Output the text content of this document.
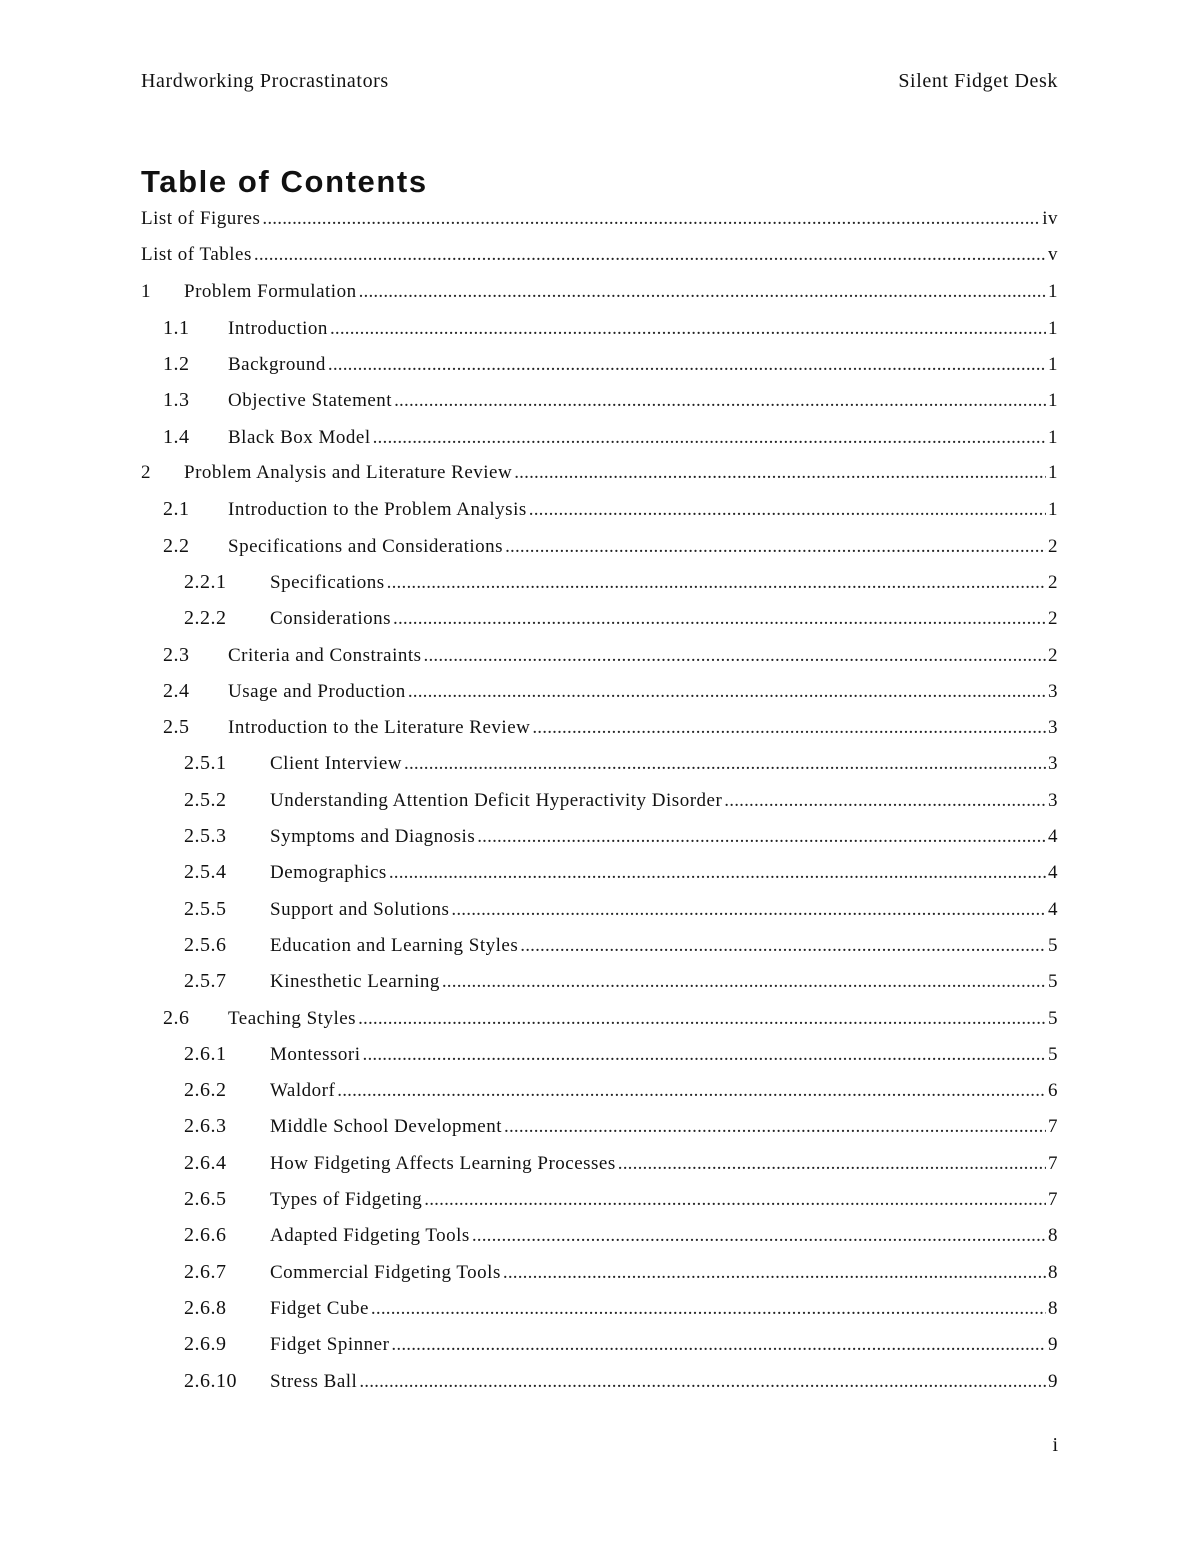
Hardworking Procrastinators	Silent Fidget Desk
Table of Contents
List of Figures .....	iv
List of Tables .....	v
1	Problem Formulation .....	1
1.1	Introduction .....	1
1.2	Background .....	1
1.3	Objective Statement .....	1
1.4	Black Box Model .....	1
2	Problem Analysis and Literature Review .....	1
2.1	Introduction to the Problem Analysis .....	1
2.2	Specifications and Considerations .....	2
2.2.1	Specifications .....	2
2.2.2	Considerations .....	2
2.3	Criteria and Constraints .....	2
2.4	Usage and Production .....	3
2.5	Introduction to the Literature Review .....	3
2.5.1	Client Interview .....	3
2.5.2	Understanding Attention Deficit Hyperactivity Disorder .....	3
2.5.3	Symptoms and Diagnosis .....	4
2.5.4	Demographics .....	4
2.5.5	Support and Solutions .....	4
2.5.6	Education and Learning Styles .....	5
2.5.7	Kinesthetic Learning .....	5
2.6	Teaching Styles .....	5
2.6.1	Montessori .....	5
2.6.2	Waldorf .....	6
2.6.3	Middle School Development .....	7
2.6.4	How Fidgeting Affects Learning Processes .....	7
2.6.5	Types of Fidgeting .....	7
2.6.6	Adapted Fidgeting Tools .....	8
2.6.7	Commercial Fidgeting Tools .....	8
2.6.8	Fidget Cube .....	8
2.6.9	Fidget Spinner .....	9
2.6.10	Stress Ball .....	9
i
